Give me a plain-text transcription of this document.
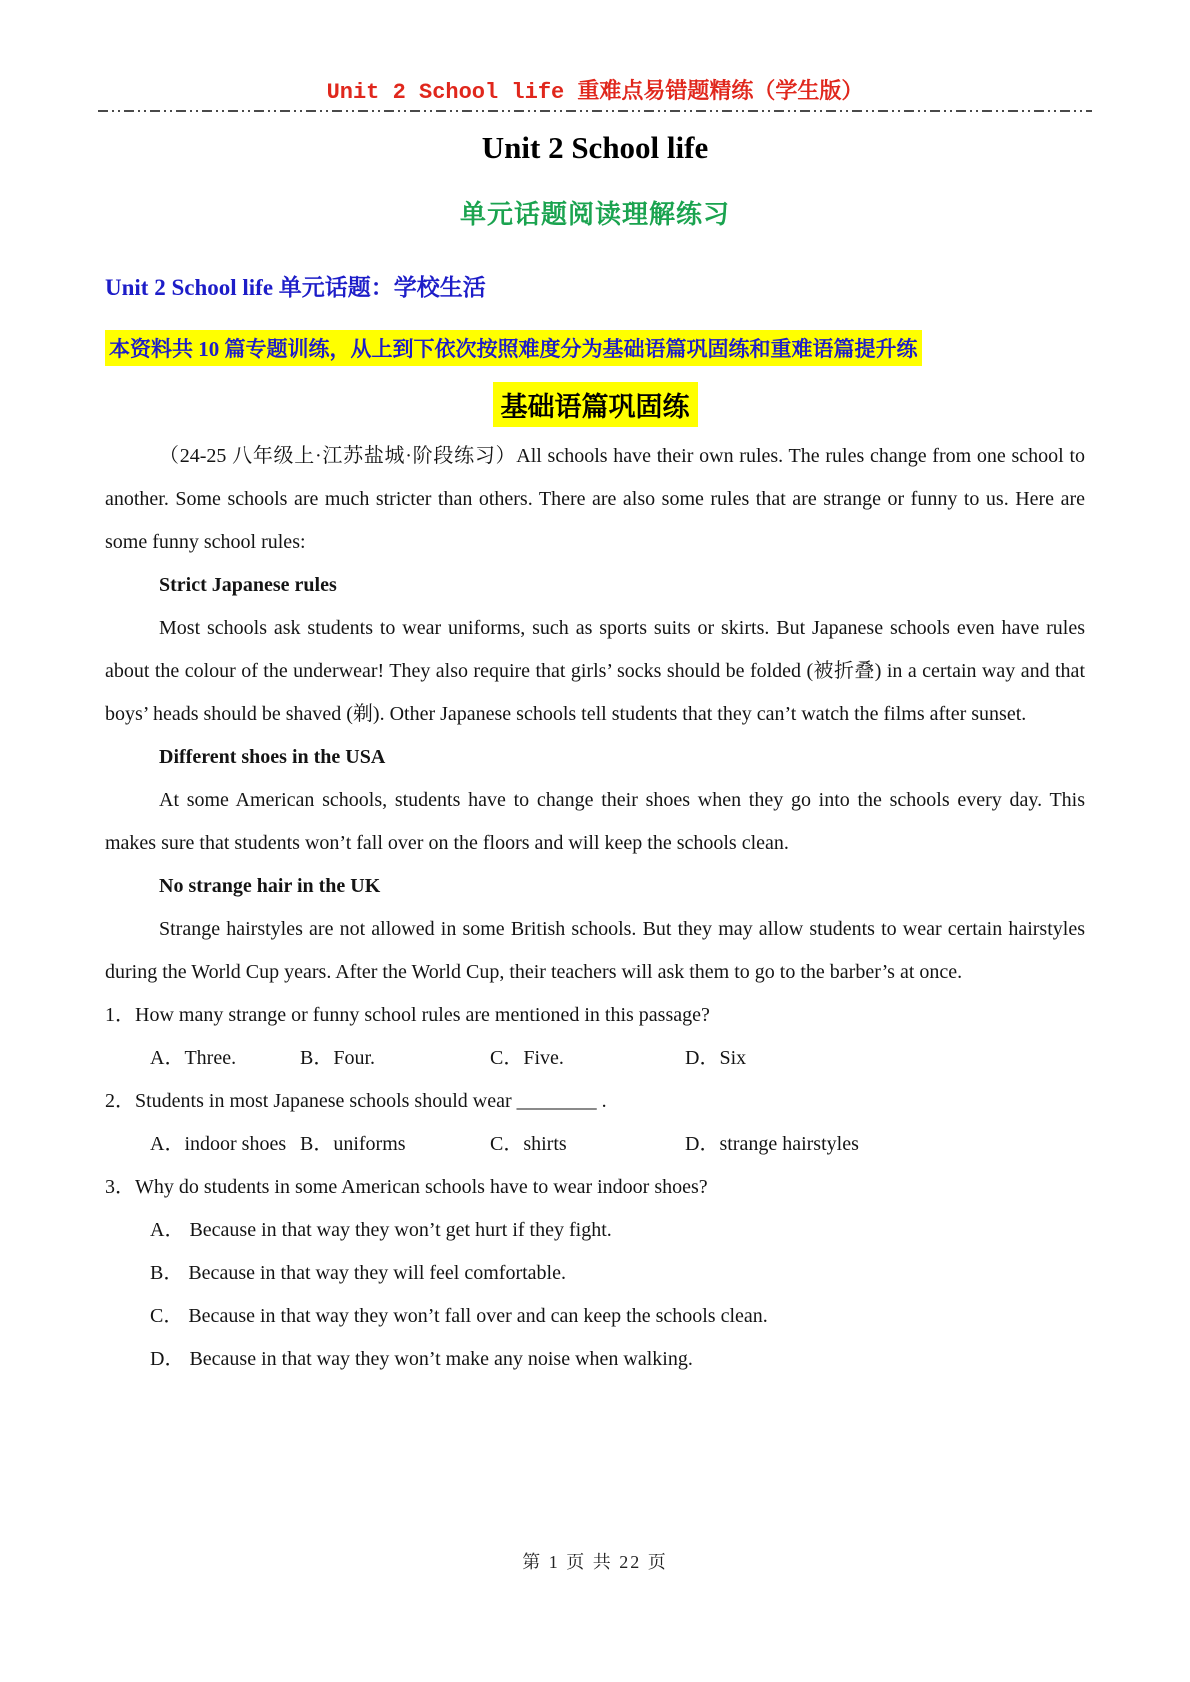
Unit 2 School life 重难点易错题精练（学生版）
Unit 2 School life
单元话题阅读理解练习
Unit 2 School life 单元话题：学校生活
本资料共 10 篇专题训练，从上到下依次按照难度分为基础语篇巩固练和重难语篇提升练
基础语篇巩固练

（24-25 八年级上·江苏盐城·阶段练习）All schools have their own rules. The rules change from one school to another. Some schools are much stricter than others. There are also some rules that are strange or funny to us. Here are some funny school rules:

Strict Japanese rules

Most schools ask students to wear uniforms, such as sports suits or skirts. But Japanese schools even have rules about the colour of the underwear! They also require that girls’ socks should be folded (被折叠) in a certain way and that boys’ heads should be shaved (剃). Other Japanese schools tell students that they can’t watch the films after sunset.

Different shoes in the USA

At some American schools, students have to change their shoes when they go into the schools every day. This makes sure that students won’t fall over on the floors and will keep the schools clean.

No strange hair in the UK

Strange hairstyles are not allowed in some British schools. But they may allow students to wear certain hairstyles during the World Cup years. After the World Cup, their teachers will ask them to go to the barber’s at once.

1．How many strange or funny school rules are mentioned in this passage?
A．Three.	B．Four.	C．Five.	D．Six
2．Students in most Japanese schools should wear ________ .
A．indoor shoes B．uniforms	C．shirts	D．strange hairstyles
3．Why do students in some American schools have to wear indoor shoes?
A． Because in that way they won’t get hurt if they fight.
B． Because in that way they will feel comfortable.
C． Because in that way they won’t fall over and can keep the schools clean.
D． Because in that way they won’t make any noise when walking.
第 1 页 共 22 页
